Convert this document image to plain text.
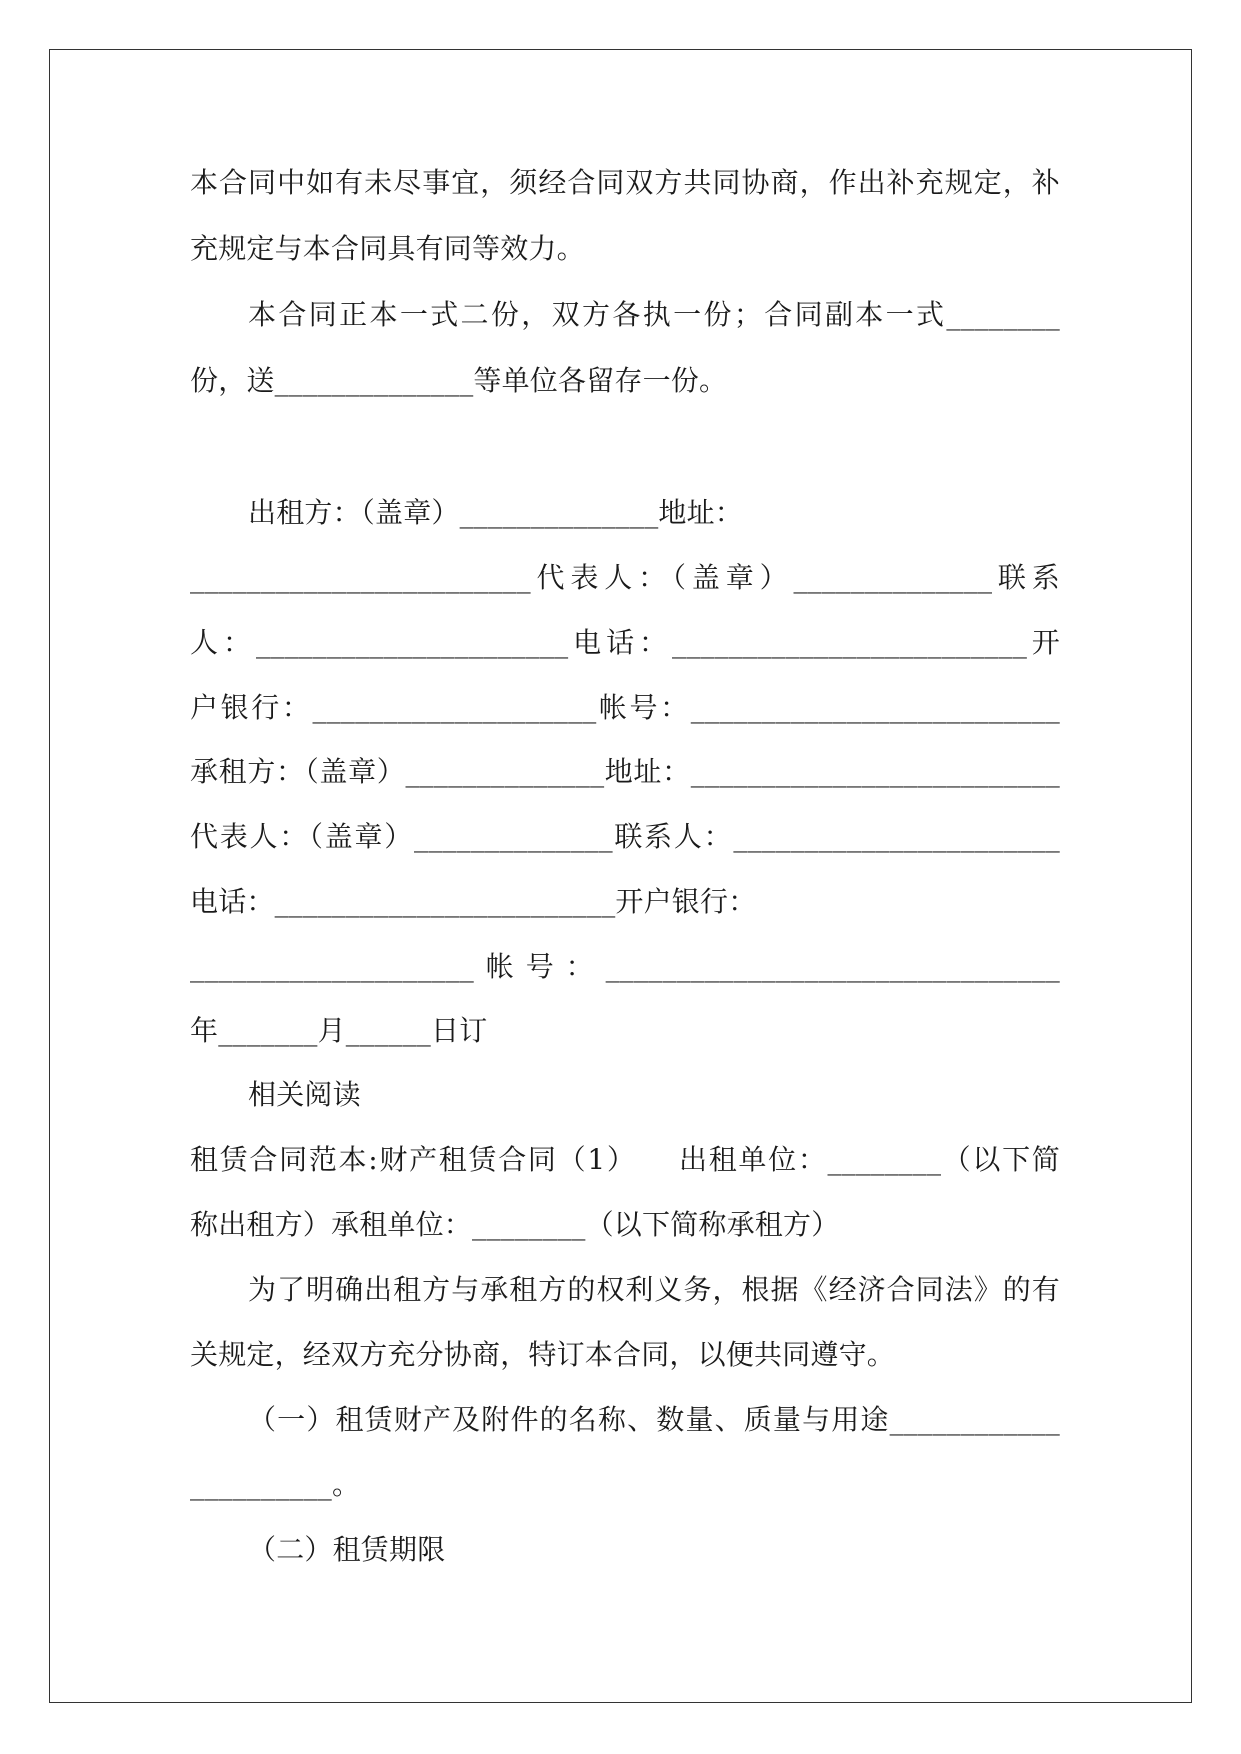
本合同中如有未尽事宜，须经合同双方共同协商，作出补充规定，补
充规定与本合同具有同等效力。
本合同正本一式二份，双方各执一份；合同副本一式________
份，送______________等单位各留存一份。
出租方：（盖章）______________地址：
________________________代表人：（盖章）______________联系
人：______________________电话：_________________________开
户银行：____________________帐号：__________________________
承租方：（盖章）______________地址：__________________________
代表人：（盖章）______________联系人：_______________________
电话：________________________开户银行：
____________________帐号：________________________________
年_______月______日订
相关阅读
租赁合同范本:财产租赁合同（1）    出租单位：________（以下简
称出租方）承租单位：________（以下简称承租方）
为了明确出租方与承租方的权利义务，根据《经济合同法》的有
关规定，经双方充分协商，特订本合同，以便共同遵守。
（一）租赁财产及附件的名称、数量、质量与用途____________
__________。
（二）租赁期限
